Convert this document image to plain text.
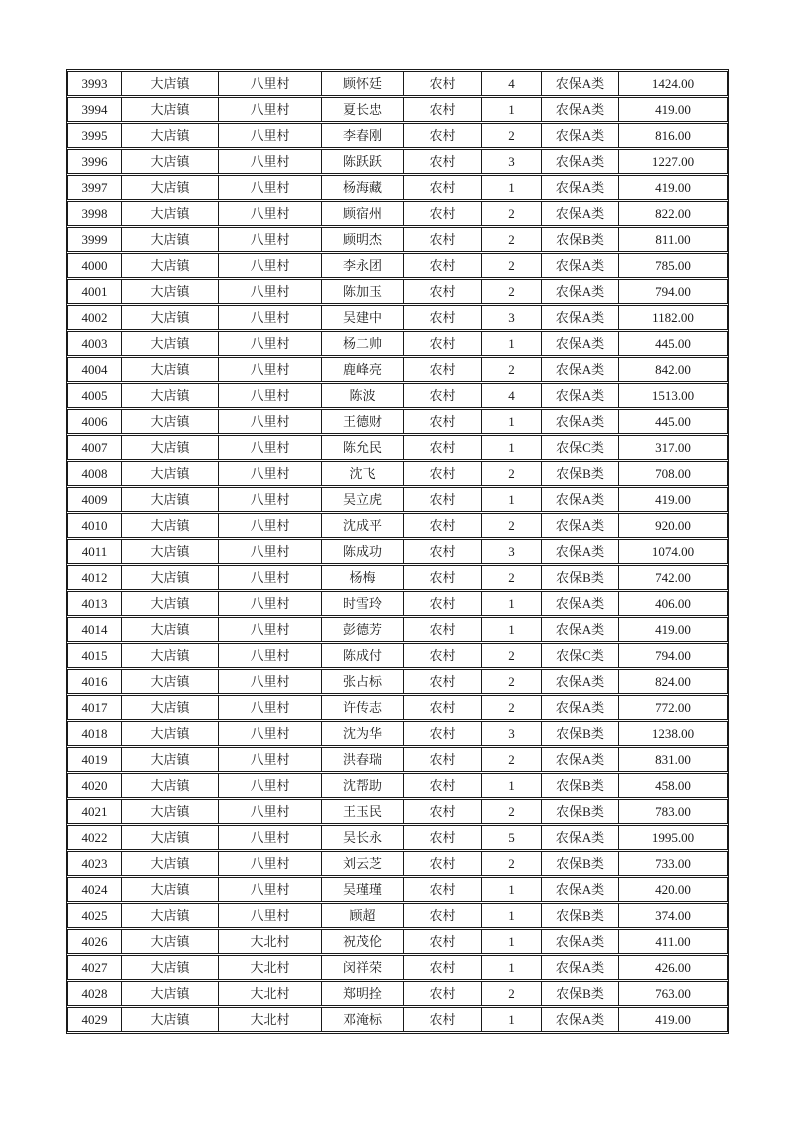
3993	大店镇	八里村	顾怀廷	农村	4	农保A类	1424.00
3994	大店镇	八里村	夏长忠	农村	1	农保A类	419.00
3995	大店镇	八里村	李春刚	农村	2	农保A类	816.00
3996	大店镇	八里村	陈跃跃	农村	3	农保A类	1227.00
3997	大店镇	八里村	杨海藏	农村	1	农保A类	419.00
3998	大店镇	八里村	顾宿州	农村	2	农保A类	822.00
3999	大店镇	八里村	顾明杰	农村	2	农保B类	811.00
4000	大店镇	八里村	李永团	农村	2	农保A类	785.00
4001	大店镇	八里村	陈加玉	农村	2	农保A类	794.00
4002	大店镇	八里村	吴建中	农村	3	农保A类	1182.00
4003	大店镇	八里村	杨二帅	农村	1	农保A类	445.00
4004	大店镇	八里村	鹿峰亮	农村	2	农保A类	842.00
4005	大店镇	八里村	陈波	农村	4	农保A类	1513.00
4006	大店镇	八里村	王德财	农村	1	农保A类	445.00
4007	大店镇	八里村	陈允民	农村	1	农保C类	317.00
4008	大店镇	八里村	沈飞	农村	2	农保B类	708.00
4009	大店镇	八里村	吴立虎	农村	1	农保A类	419.00
4010	大店镇	八里村	沈成平	农村	2	农保A类	920.00
4011	大店镇	八里村	陈成功	农村	3	农保A类	1074.00
4012	大店镇	八里村	杨梅	农村	2	农保B类	742.00
4013	大店镇	八里村	时雪玲	农村	1	农保A类	406.00
4014	大店镇	八里村	彭德芳	农村	1	农保A类	419.00
4015	大店镇	八里村	陈成付	农村	2	农保C类	794.00
4016	大店镇	八里村	张占标	农村	2	农保A类	824.00
4017	大店镇	八里村	许传志	农村	2	农保A类	772.00
4018	大店镇	八里村	沈为华	农村	3	农保B类	1238.00
4019	大店镇	八里村	洪春瑞	农村	2	农保A类	831.00
4020	大店镇	八里村	沈帮助	农村	1	农保B类	458.00
4021	大店镇	八里村	王玉民	农村	2	农保B类	783.00
4022	大店镇	八里村	吴长永	农村	5	农保A类	1995.00
4023	大店镇	八里村	刘云芝	农村	2	农保B类	733.00
4024	大店镇	八里村	吴瑾瑾	农村	1	农保A类	420.00
4025	大店镇	八里村	顾超	农村	1	农保B类	374.00
4026	大店镇	大北村	祝茂伦	农村	1	农保A类	411.00
4027	大店镇	大北村	闵祥荣	农村	1	农保A类	426.00
4028	大店镇	大北村	郑明拴	农村	2	农保B类	763.00
4029	大店镇	大北村	邓淹标	农村	1	农保A类	419.00
